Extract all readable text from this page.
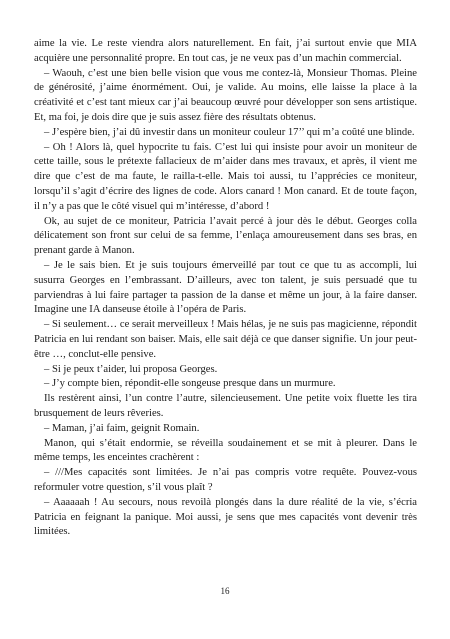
aime la vie. Le reste viendra alors naturellement. En fait, j’ai surtout envie que MIA acquière une personnalité propre. En tout cas, je ne veux pas d’un machin commercial.

– Waouh, c’est une bien belle vision que vous me contez-là, Monsieur Thomas. Pleine de générosité, j’aime énormément. Oui, je valide. Au moins, elle laisse la place à la créativité et c’est tant mieux car j’ai beaucoup œuvré pour développer son sens artistique. Et, ma foi, je dois dire que je suis assez fière des résultats obtenus.

– J’espère bien, j’ai dû investir dans un moniteur couleur 17’’ qui m’a coûté une blinde.

– Oh ! Alors là, quel hypocrite tu fais. C’est lui qui insiste pour avoir un moniteur de cette taille, sous le prétexte fallacieux de m’aider dans mes travaux, et après, il vient me dire que c’est de ma faute, le railla-t-elle. Mais toi aussi, tu l’apprécies ce moniteur, lorsqu’il s’agit d’écrire des lignes de code. Alors canard ! Mon canard. Et de toute façon, il n’y a pas que le côté visuel qui m’intéresse, d’abord !

Ok, au sujet de ce moniteur, Patricia l’avait percé à jour dès le début. Georges colla délicatement son front sur celui de sa femme, l’enlaça amoureusement dans ses bras, en prenant garde à Manon.

– Je le sais bien. Et je suis toujours émerveillé par tout ce que tu as accompli, lui susurra Georges en l’embrassant. D’ailleurs, avec ton talent, je suis persuadé que tu parviendras à lui faire partager ta passion de la danse et même un jour, à la faire danser. Imagine une IA danseuse étoile à l’opéra de Paris.

– Si seulement… ce serait merveilleux ! Mais hélas, je ne suis pas magicienne, répondit Patricia en lui rendant son baiser. Mais, elle sait déjà ce que danser signifie. Un jour peut-être …, conclut-elle pensive.

– Si je peux t’aider, lui proposa Georges.

– J’y compte bien, répondit-elle songeuse presque dans un murmure.

Ils restèrent ainsi, l’un contre l’autre, silencieusement. Une petite voix fluette les tira brusquement de leurs rêveries.

– Maman, j’ai faim, geignit Romain.

Manon, qui s’était endormie, se réveilla soudainement et se mit à pleurer. Dans le même temps, les enceintes crachèrent :

– ///Mes capacités sont limitées. Je n’ai pas compris votre requête. Pouvez-vous reformuler votre question, s’il vous plaît ?

– Aaaaaah ! Au secours, nous revoilà plongés dans la dure réalité de la vie, s’écria Patricia en feignant la panique. Moi aussi, je sens que mes capacités vont devenir très limitées.

16
